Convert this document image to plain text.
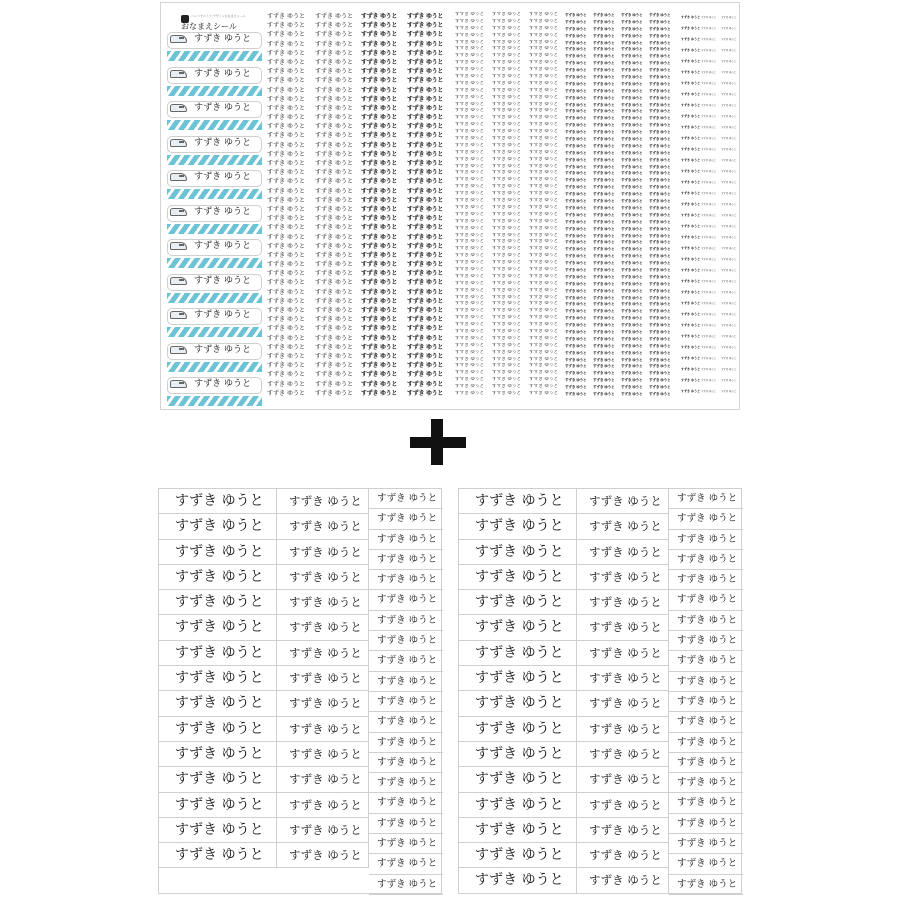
ハンコヤストア デザインおなまえシール
おなまえシール
すずき ゆうと
すずき ゆうと
すずき ゆうと
すずき ゆうと
すずき ゆうと
すずき ゆうと
すずき ゆうと
すずき ゆうと
すずき ゆうと
すずき ゆうと
すずき ゆうと
すずき ゆうと
すずき ゆうと
すずき ゆうと
すずき ゆうと
すずき ゆうと
すずき ゆうと
すずき ゆうと
すずき ゆうと
すずき ゆうと
すずき ゆうと
すずき ゆうと
すずき ゆうと
すずき ゆうと
すずき ゆうと
すずき ゆうと
すずき ゆうと
すずき ゆうと
すずき ゆうと
すずき ゆうと
すずき ゆうと
すずき ゆうと
すずき ゆうと
すずき ゆうと
すずき ゆうと
すずき ゆうと
すずき ゆうと
すずき ゆうと
すずき ゆうと
すずき ゆうと
すずき ゆうと
すずき ゆうと
すずき ゆうと
すずき ゆうと
すずき ゆうと
すずき ゆうと
すずき ゆうと
すずき ゆうと
すずき ゆうと
すずき ゆうと
すずき ゆうと
すずき ゆうと
すずき ゆうと
すずき ゆうと
すずき ゆうと
すずき ゆうと
すずき ゆうと
すずき ゆうと
すずき ゆうと
すずき ゆうと
すずき ゆうと
すずき ゆうと
すずき ゆうと
すずき ゆうと
すずき ゆうと
すずき ゆうと
すずき ゆうと
すずき ゆうと
すずき ゆうと
すずき ゆうと
すずき ゆうと
すずき ゆうと
すずき ゆうと
すずき ゆうと
すずき ゆうと
すずき ゆうと
すずき ゆうと
すずき ゆうと
すずき ゆうと
すずき ゆうと
すずき ゆうと
すずき ゆうと
すずき ゆうと
すずき ゆうと
すずき ゆうと
すずき ゆうと
すずき ゆうと
すずき ゆうと
すずき ゆうと
すずき ゆうと
すずき ゆうと
すずき ゆうと
すずき ゆうと
すずき ゆうと
すずき ゆうと
すずき ゆうと
すずき ゆうと
すずき ゆうと
すずき ゆうと
すずき ゆうと
すずき ゆうと
すずき ゆうと
すずき ゆうと
すずき ゆうと
すずき ゆうと
すずき ゆうと
すずき ゆうと
すずき ゆうと
すずき ゆうと
すずき ゆうと
すずき ゆうと
すずき ゆうと
すずき ゆうと
すずき ゆうと
すずき ゆうと
すずき ゆうと
すずき ゆうと
すずき ゆうと
すずき ゆうと
すずき ゆうと
すずき ゆうと
すずき ゆうと
すずき ゆうと
すずき ゆうと
すずき ゆうと
すずき ゆうと
すずき ゆうと
すずき ゆうと
すずき ゆうと
すずき ゆうと
すずき ゆうと
すずき ゆうと
すずき ゆうと
すずき ゆうと
すずき ゆうと
すずき ゆうと
すずき ゆうと
すずき ゆうと
すずき ゆうと
すずき ゆうと
すずき ゆうと
すずき ゆうと
すずき ゆうと
すずき ゆうと
すずき ゆうと
すずき ゆうと
すずき ゆうと
すずき ゆうと
すずき ゆうと
すずき ゆうと
すずき ゆうと
すずき ゆうと
すずき ゆうと
すずき ゆうと
すずき ゆうと
すずき ゆうと
すずき ゆうと
すずき ゆうと
すずき ゆうと
すずき ゆうと
すずき ゆうと
すずき ゆうと
すずき ゆうと
すずき ゆうと
すずき ゆうと
すずき ゆうと
すずき ゆうと
すずき ゆうと
すずき ゆうと
すずき ゆうと
すずき ゆうと
すずき ゆうと
すずき ゆうと
すずき ゆうと
すずき ゆうと
すずき ゆうと
すずき ゆうと
すずき ゆうと
すずき ゆうと
すずき ゆうと
すずき ゆうと
すずき ゆうと
すずき ゆうと
すずき ゆうと
すずき ゆうと
すずき ゆうと
すずき ゆうと
すずき ゆうと
すずき ゆうと
すずき ゆうと
すずき ゆうと
すずき ゆうと
すずき ゆうと
すずき ゆうと
すずき ゆうと
すずき ゆうと
すずき ゆうと
すずき ゆうと
すずき ゆうと
すずき ゆうと
すずき ゆうと
すずき ゆうと
すずき ゆうと
すずき ゆうと
すずき ゆうと
すずき ゆうと
すずき ゆうと
すずき ゆうと
すずき ゆうと
すずき ゆうと
すずき ゆうと
すずき ゆうと
すずき ゆうと
すずき ゆうと
すずき ゆうと
すずき ゆうと
すずき ゆうと
すずき ゆうと
すずき ゆうと
すずき ゆうと
すずき ゆうと
すずき ゆうと
すずき ゆうと
すずき ゆうと
すずき ゆうと
すずき ゆうと
すずき ゆうと
すずき ゆうと
すずき ゆうと
すずき ゆうと
すずき ゆうと
すずき ゆうと
すずき ゆうと
すずき ゆうと
すずき ゆうと
すずき ゆうと
すずき ゆうと
すずき ゆうと
すずき ゆうと
すずき ゆうと
すずき ゆうと
すずき ゆうと
すずき ゆうと
すずき ゆうと
すずき ゆうと
すずき ゆうと
すずき ゆうと
すずき ゆうと
すずき ゆうと
すずき ゆうと
すずき ゆうと
すずき ゆうと
すずき ゆうと
すずき ゆうと
すずき ゆうと
すずき ゆうと
すずき ゆうと
すずき ゆうと
すずき ゆうと
すずき ゆうと
すずき ゆうと
すずき ゆうと
すずき ゆうと
すずき ゆうと
すずき ゆうと
すずき ゆうと
すずき ゆうと
すずき ゆうと
すずき ゆうと
すずき ゆうと
すずき ゆうと
すずき ゆうと
すずき ゆうと
すずき ゆうと
すずき ゆうと
すずき ゆうと
すずき ゆうと
すずき ゆうと
すずき ゆうと
すずき ゆうと
すずき ゆうと
すずき ゆうと
すずき ゆうと
すずき ゆうと
すずき ゆうと
すずき ゆうと
すずき ゆうと
すずき ゆうと
すずき ゆうと
すずき ゆうと
すずき ゆうと
すずき ゆうと
すずき ゆうと
すずき ゆうと
すずき ゆうと
すずき ゆうと
すずき ゆうと
すずき ゆうと
すずき ゆうと
すずき ゆうと
すずき ゆうと
すずき ゆうと
すずき ゆうと
すずき ゆうと
すずき ゆうと
すずき ゆうと
すずき ゆうと
すずき ゆうと
すずき ゆうと
すずき ゆうと
すずき ゆうと
すずき ゆうと
すずき ゆうと
すずき ゆうと
すずき ゆうと
すずき ゆうと
すずき ゆうと
すずき ゆうと
すずき ゆうと
すずき ゆうと
すずき ゆうと
すずき ゆうと
すずき ゆうと
すずき ゆうと
すずき ゆうと
すずき ゆうと
すずき ゆうと
すずき ゆうと
すずき ゆうと
すずき ゆうと
すずき ゆうと
すずき ゆうと
すずき ゆうと
すずき ゆうと
すずき ゆうと
すずき ゆうと
すずき ゆうと
すずき ゆうと
すずき ゆうと
すずき ゆうと
すずき ゆうと
すずき ゆうと
すずき ゆうと
すずき ゆうと
すずき ゆうと
すずき ゆうと
すずき ゆうと
すずき ゆうと
すずき ゆうと
すずき ゆうと
すずき ゆうと
すずき ゆうと
すずき ゆうと
すずき ゆうと
すずき ゆうと
すずき ゆうと
すずき ゆうと
すずき ゆうと
すずき ゆうと
すずき ゆうと
すずき ゆうと
すずき ゆうと
すずき ゆうと
すずき ゆうと
すずき ゆうと
すずき ゆうと
すずき ゆうと
すずき ゆうと
すずき ゆうと
すずき ゆうと
すずき ゆうと
すずき ゆうと
すずき ゆうと
すずき ゆうと
すずき ゆうと
すずき ゆうと
すずき ゆうと
すずき ゆうと
すずき ゆうと
すずき ゆうと
すずき ゆうと
すずき ゆうと
すずき ゆうと
すずき ゆうと
すずき ゆうと
すずき ゆうと
すずき ゆうと
すずき ゆうと
すずき ゆうと
すずき ゆうと
すずき ゆうと
すずき ゆうと
すずき ゆうと
すずき ゆうと
すずき ゆうと
すずき ゆうと
すずき ゆうと
すずき ゆうと
すずき ゆうと
すずき ゆうと
すずき ゆうと
すずき ゆうと
すずき ゆうと
すずき ゆうと
すずき ゆうと
すずき ゆうと
すずき ゆうと
すずき ゆうと
すずき ゆうと
すずき ゆうと
すずき ゆうと
すずき ゆうと
すずき ゆうと
すずき ゆうと
すずき ゆうと
すずき ゆうと
すずき ゆうと
すずき ゆうと
すずき ゆうと
すずき ゆうと
すずき ゆうと
すずき ゆうと
すずき ゆうと
すずき ゆうと
すずき ゆうと
すずき ゆうと
すずき ゆうと
すずき ゆうと
すずき ゆうと
すずき ゆうと
すずき ゆうと
すずき ゆうと
すずき ゆうと
すずき ゆうと
すずき ゆうと
すずき ゆうと
すずき ゆうと
すずき ゆうと
すずき ゆうと
すずき ゆうと
すずき ゆうと
すずき ゆうと
すずき ゆうと
すずき ゆうと
すずき ゆうと
すずき ゆうと
すずき ゆうと
すずき ゆうと
すずき ゆうと
すずき ゆうと
すずき ゆうと
すずき ゆうと
すずき ゆうと
すずき ゆうと
すずき ゆうと
すずき ゆうと
すずき ゆうと
すずき ゆうと
すずき ゆうと
すずき ゆうと
すずき ゆうと
すずき ゆうと
すずき ゆうと
すずき ゆうと
すずき ゆうと
すずき ゆうと
すずき ゆうと
すずき ゆうと
すずき ゆうと
すずき ゆうと
すずき ゆうと
すずき ゆうと
すずき ゆうと
すずき ゆうと
すずき ゆうと
すずき ゆうと
すずき ゆうと
すずき ゆうと
すずき ゆうと
すずき ゆうと
すずき ゆうと
すずき ゆうと
すずき ゆうと
すずき ゆうと
すずき ゆうと
すずき ゆうと
すずき ゆうと
すずき ゆうと
すずき ゆうと
すずき ゆうと
すずき ゆうと
すずき ゆうと
すずき ゆうと
すずき ゆうと
すずき ゆうと
すずき ゆうと
すずき ゆうと
すずき ゆうと
すずき ゆうと
すずき ゆうと
すずき ゆうと
すずき ゆうと
すずき ゆうと
すずき ゆうと
すずき ゆうと
すずき ゆうと
すずき ゆうと
すずき ゆうと
すずき ゆうと
すずき ゆうと
すずき ゆうと
すずき ゆうと
すずき ゆうと
すずき ゆうと
すずき ゆうと
すずき ゆうと
すずき ゆうと
すずき ゆうと
すずき ゆうと
すずき ゆうと
すずき ゆうと
すずき ゆうと
すずき ゆうと
すずき ゆうと
すずき ゆうと
すずき ゆうと
すずき ゆうと
すずき ゆうと
すずき ゆうと
すずき ゆうと
すずき ゆうと
すずき ゆうと
すずき ゆうと
すずき ゆうと
すずき ゆうと
すずき ゆうと
すずき ゆうと
すずき ゆうと
すずき ゆうと
すずき ゆうと
すずき ゆうと
すずき ゆうと
すずき ゆうと
すずき ゆうと
すずき ゆうと
すずき ゆうと
すずき ゆうと
すずき ゆうと
すずき ゆうと
すずき ゆうと
すずき ゆうと
すずき ゆうと
すずき ゆうと
すずき ゆうと
すずき ゆうと
すずき ゆうと
すずき ゆうと
すずき ゆうと
すずき ゆうと
すずき ゆうと
すずき ゆうと
すずき ゆうと
すずき ゆうと
すずき ゆうと
すずき ゆうと
すずき ゆうと
すずき ゆうと
すずき ゆうと
すずき ゆうと
すずき ゆうと
すずき ゆうと
すずき ゆうと
すずき ゆうと
すずき ゆうと
すずき ゆうと
すずき ゆうと
すずき ゆうと
すずき ゆうと
すずき ゆうと
すずき ゆうと
すずき ゆうと
すずき ゆうと
すずき ゆうと
すずき ゆうと
すずき ゆうと
すずき ゆうと
すずき ゆうと
すずき ゆうと
すずき ゆうと
すずき ゆうと
すずき ゆうと
すずき ゆうと
すずき ゆうと
すずき ゆうと
すずき ゆうと
すずき ゆうと
すずき ゆうと
すずき ゆうと
すずき ゆうと
すずき ゆうと
すずき ゆうと
すずき ゆうと
すずき ゆうと
すずき ゆうと
すずき ゆうと
すずき ゆうと
すずき ゆうと
すずき ゆうと
すずき ゆうと
すずき ゆうと
すずき ゆうと
すずき ゆうと
すずき ゆうと
すずき ゆうと
すずき ゆうと
すずき ゆうと
すずき ゆうと
すずき ゆうと
すずき ゆうと
すずき ゆうと
すずき ゆうと
すずき ゆうと
すずき ゆうと
すずき ゆうと
すずき ゆうと
すずき ゆうと
すずき ゆうと
すずき ゆうと
すずき ゆうと
すずき ゆうと
すずき ゆうと
すずき ゆうと
すずき ゆうと
すずき ゆうと
すずき ゆうと
すずき ゆうと
すずき ゆうと
すずき ゆうと
すずき ゆうと
すずき ゆうと
すずき ゆうと
すずき ゆうと
すずき ゆうと
すずき ゆうと
すずき ゆうと
すずき ゆうと
すずき ゆうと
すずき ゆうと
すずき ゆうと
すずき ゆうと
すずき ゆうと
すずき ゆうと
すずき ゆうと
すずき ゆうと
すずき ゆうと
すずき ゆうと
すずき ゆうと
すずき ゆうと
すずき ゆうと
すずき ゆうと
すずき ゆうと
すずき ゆうと
すずき ゆうと
すずき ゆうと
すずき ゆうと
すずき ゆうと
すずき ゆうと
すずき ゆうと
すずき ゆうと
すずき ゆうと
すずき ゆうと
すずき ゆうと
すずき ゆうと
すずき ゆうと
すずき ゆうと
すずき ゆうと
すずき ゆうと
すずき ゆうと
すずき ゆうと
すずき ゆうと
すずき ゆうと
すずき ゆうと
すずき ゆうと
すずき ゆうと
すずき ゆうと
すずき ゆうと
すずき ゆうと
すずき ゆうと
すずき ゆうと
すずき ゆうと
すずき ゆうと
すずき ゆうと
すずき ゆうと
すずき ゆうと
すずき ゆうと
すずき ゆうと
すずき ゆうと
すずき ゆうと
すずき ゆうと
すずき ゆうと
すずき ゆうと
すずき ゆうと
すずき ゆうと
すずき ゆうと
すずき ゆうと
すずき ゆうと
すずき ゆうと
すずき ゆうと
すずき ゆうと
すずき ゆうと
すずき ゆうと
すずき ゆうと
すずき ゆうと
すずき ゆうと
すずき ゆうと
すずき ゆうと
すずき ゆうと
すずき ゆうと
すずき ゆうと
すずき ゆうと
すずき ゆうと
すずき ゆうと
すずき ゆうと
すずき ゆうと
すずき ゆうと
すずき ゆうと
すずき ゆうと
すずき ゆうと
すずき ゆうと
すずき ゆうと
すずき ゆうと
すずき ゆうと
すずき ゆうと
すずき ゆうと
すずき ゆうと
すずき ゆうと
すずき ゆうと
すずき ゆうと
すずき ゆうと
すずき ゆうと
すずき ゆうと
すずき ゆうと
すずき ゆうと
すずき ゆうと
すずき ゆうと
すずき ゆうと
すずき ゆうと
すずき ゆうと
すずき ゆうと
すずき ゆうと
すずき ゆうと
すずき ゆうと
すずき ゆうと
すずき ゆうと
すずき ゆうと
すずき ゆうと
すずき ゆうと
すずき ゆうと
すずき ゆうと
すずき ゆうと
すずき ゆうと
すずき ゆうと
すずき ゆうと
すずき ゆうと
すずき ゆうと
すずき ゆうと
すずき ゆうと
すずき ゆうと
すずき ゆうと
すずき ゆうと
すずき ゆうと
すずき ゆうと
すずき ゆうと
すずき ゆうと
すずき ゆうと
すずき ゆうと
すずき ゆうと
すずき ゆうと
